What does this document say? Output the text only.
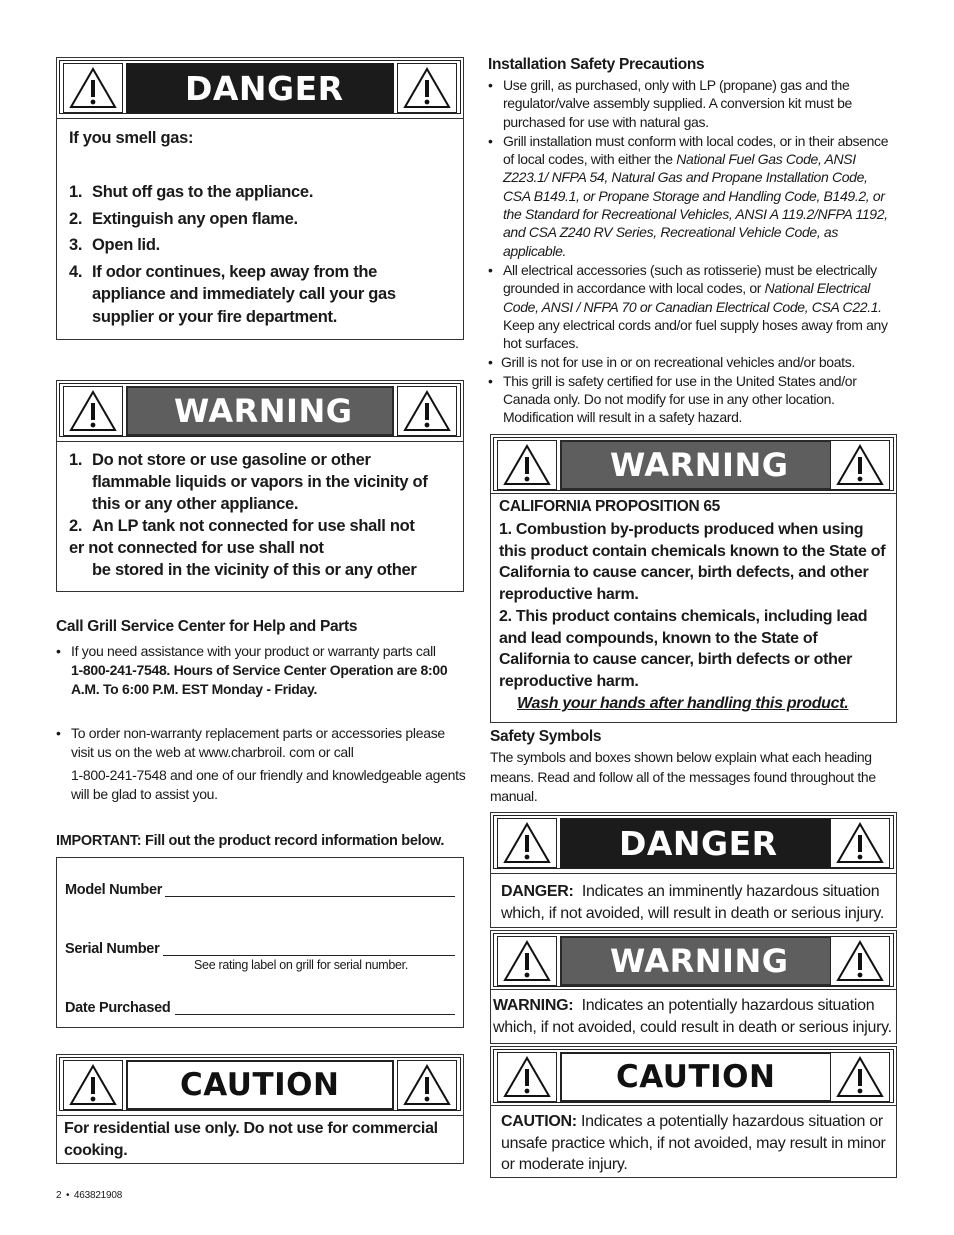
DANGER
If you smell gas:
1. Shut off gas to the appliance.
2. Extinguish any open flame.
3. Open lid.
4. If odor continues, keep away from the appliance and immediately call your gas supplier or your fire department.
WARNING
1. Do not store or use gasoline or other flammable liquids or vapors in the vicinity of this or any other appliance.
2. An LP tank not connected for use shall not
er not connected for use shall not
be stored in the vicinity of this or any other
Call Grill Service Center for Help and Parts
• If you need assistance with your product or warranty parts call
1-800-241-7548. Hours of Service Center Operation are 8:00 A.M. To 6:00 P.M. EST Monday - Friday.
• To order non-warranty replacement parts or accessories please visit us on the web at www.charbroil. com or call

1-800-241-7548 and one of our friendly and knowledgeable agents will be glad to assist you.
IMPORTANT: Fill out the product record information below.
Model Number
Serial Number
See rating label on grill for serial number.
Date Purchased
CAUTION
For residential use only. Do not use for commercial cooking.
2 • 463821908
Installation Safety Precautions
• Use grill, as purchased, only with LP (propane) gas and the regulator/valve assembly supplied. A conversion kit must be purchased for use with natural gas.
• Grill installation must conform with local codes, or in their absence of local codes, with either the National Fuel Gas Code, ANSI Z223.1/ NFPA 54, Natural Gas and Propane Installation Code, CSA B149.1, or Propane Storage and Handling Code, B149.2, or the Standard for Recreational Vehicles, ANSI A 119.2/NFPA 1192, and CSA Z240 RV Series, Recreational Vehicle Code, as applicable.
• All electrical accessories (such as rotisserie) must be electrically grounded in accordance with local codes, or National Electrical Code, ANSI / NFPA 70 or Canadian Electrical Code, CSA C22.1.  Keep any electrical cords and/or fuel supply hoses away from any hot surfaces.
• Grill is not for use in or on recreational vehicles and/or boats.
• This grill is safety certified for use in the United States and/or Canada only. Do not modify for use in any other location. Modification will result in a safety hazard.
WARNING
CALIFORNIA PROPOSITION 65
1. Combustion by-products produced when using this product contain chemicals known to the State of California to cause cancer, birth defects, and other reproductive harm.
2. This product contains chemicals, including lead and lead compounds, known to the State of California to cause cancer, birth defects or other reproductive harm.
Wash your hands after handling this product.
Safety Symbols
The symbols and boxes shown below explain what each heading means. Read and follow all of the messages found throughout the manual.
DANGER
DANGER: Indicates an imminently hazardous situation which, if not avoided, will result in death or serious injury.
WARNING
WARNING: Indicates an potentially hazardous situation which, if not avoided, could result in death or serious injury.
CAUTION
CAUTION: Indicates a potentially hazardous situation or unsafe practice which, if not avoided, may result in minor or moderate injury.
